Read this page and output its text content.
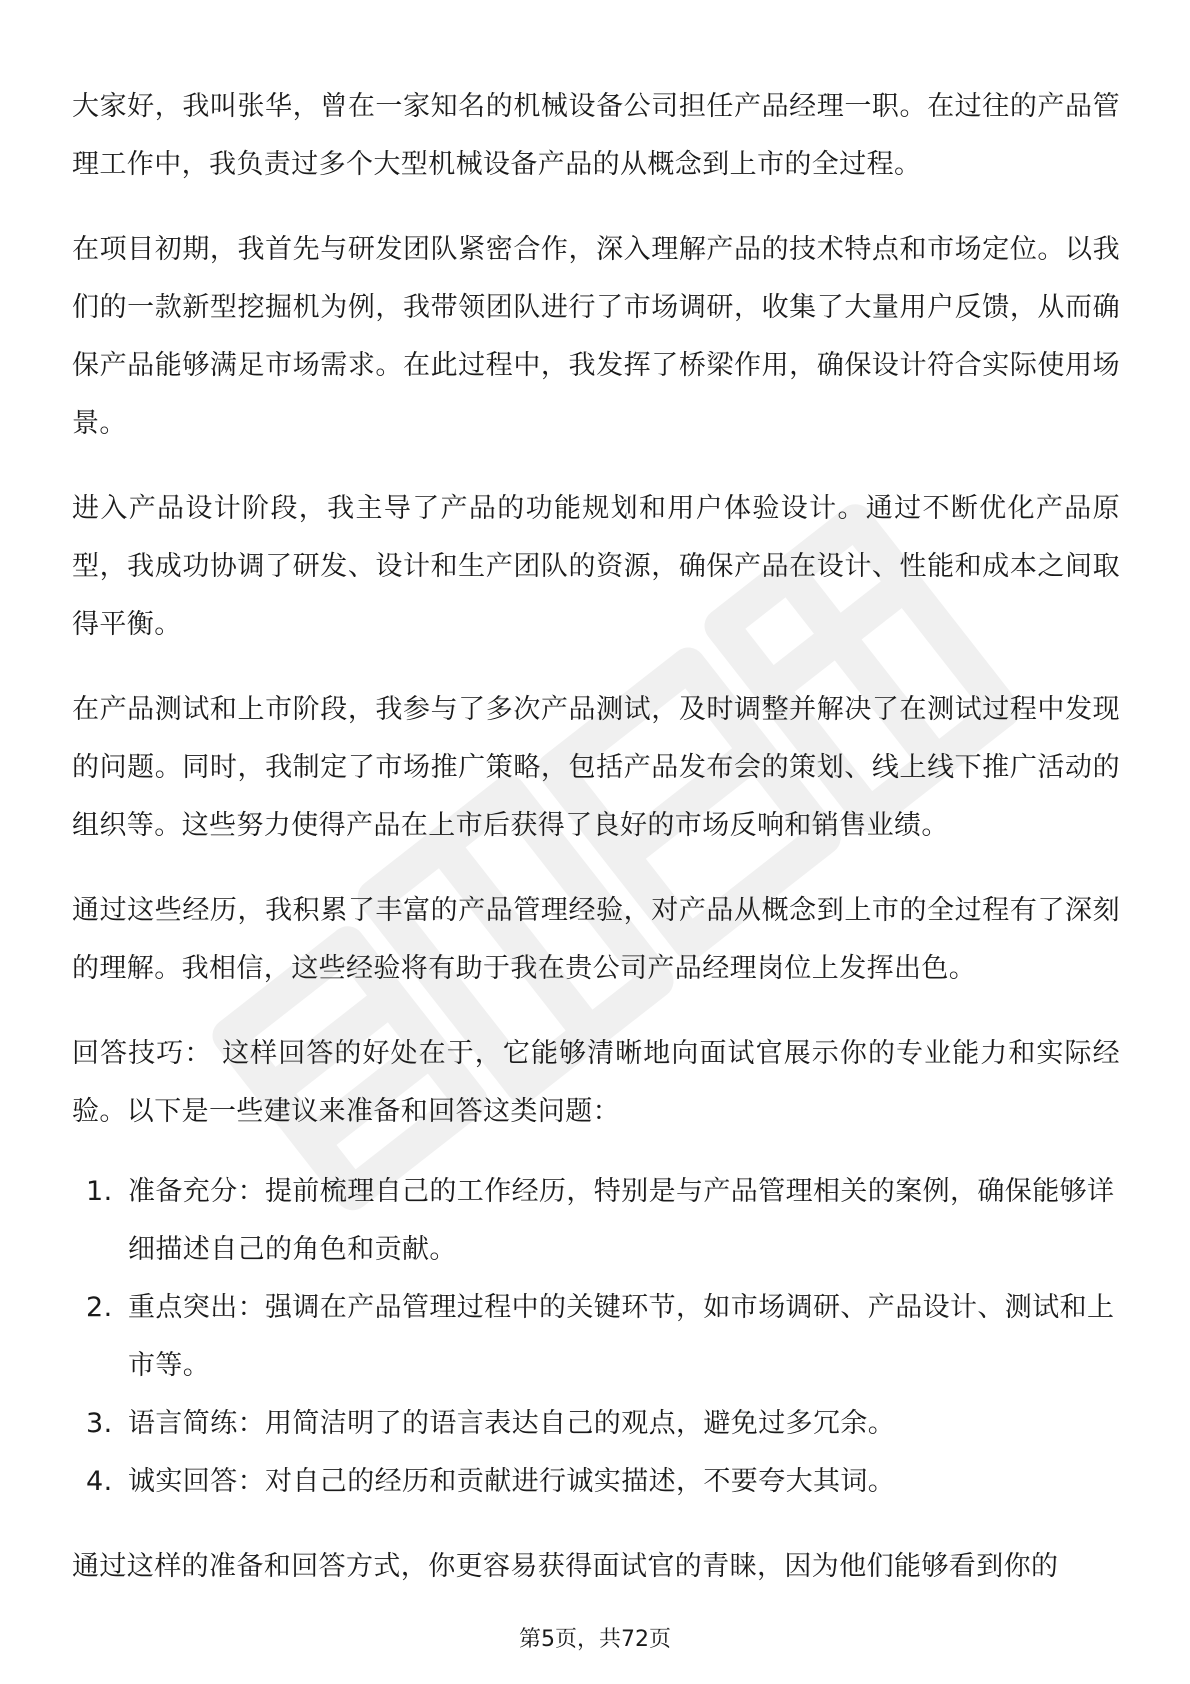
大家好，我叫张华，曾在一家知名的机械设备公司担任产品经理一职。在过往的产品管理工作中，我负责过多个大型机械设备产品的从概念到上市的全过程。

在项目初期，我首先与研发团队紧密合作，深入理解产品的技术特点和市场定位。以我们的一款新型挖掘机为例，我带领团队进行了市场调研，收集了大量用户反馈，从而确保产品能够满足市场需求。在此过程中，我发挥了桥梁作用，确保设计符合实际使用场景。

进入产品设计阶段，我主导了产品的功能规划和用户体验设计。通过不断优化产品原型，我成功协调了研发、设计和生产团队的资源，确保产品在设计、性能和成本之间取得平衡。

在产品测试和上市阶段，我参与了多次产品测试，及时调整并解决了在测试过程中发现的问题。同时，我制定了市场推广策略，包括产品发布会的策划、线上线下推广活动的组织等。这些努力使得产品在上市后获得了良好的市场反响和销售业绩。

通过这些经历，我积累了丰富的产品管理经验，对产品从概念到上市的全过程有了深刻的理解。我相信，这些经验将有助于我在贵公司产品经理岗位上发挥出色。

回答技巧： 这样回答的好处在于，它能够清晰地向面试官展示你的专业能力和实际经验。以下是一些建议来准备和回答这类问题：

1. 准备充分：提前梳理自己的工作经历，特别是与产品管理相关的案例，确保能够详细描述自己的角色和贡献。
2. 重点突出：强调在产品管理过程中的关键环节，如市场调研、产品设计、测试和上市等。
3. 语言简练：用简洁明了的语言表达自己的观点，避免过多冗余。
4. 诚实回答：对自己的经历和贡献进行诚实描述，不要夸大其词。

通过这样的准备和回答方式，你更容易获得面试官的青睐，因为他们能够看到你的

第5页，共72页
